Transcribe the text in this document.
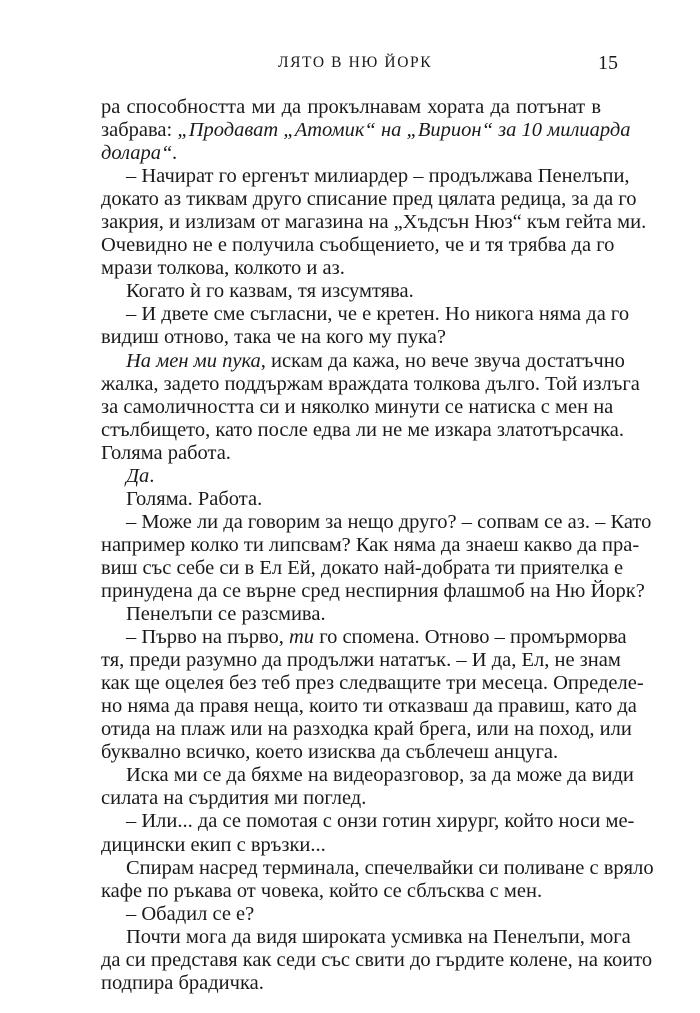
ЛЯТО В НЮ ЙОРК	15
ра способността ми да прокълнавам хората да потънат в
забрава: „Продават „Атомик“ на „Вирион“ за 10 милиарда
долара“.
– Начират го ергенът милиардер – продължава Пенелъпи,
докато аз тиквам друго списание пред цялата редица, за да го
закрия, и излизам от магазина на „Хъдсън Нюз“ към гейта ми.
Очевидно не е получила съобщението, че и тя трябва да го
мрази толкова, колкото и аз.
Когато ѝ го казвам, тя изсумтява.
– И двете сме съгласни, че е кретен. Но никога няма да го
видиш отново, така че на кого му пука?
На мен ми пука, искам да кажа, но вече звуча достатъчно
жалка, задето поддържам враждата толкова дълго. Той излъга
за самоличността си и няколко минути се натиска с мен на
стълбището, като после едва ли не ме изкара златотърсачка.
Голяма работа.
Да.
Голяма. Работа.
– Може ли да говорим за нещо друго? – сопвам се аз. – Като
например колко ти липсвам? Как няма да знаеш какво да пра-
виш със себе си в Ел Ей, докато най-добрата ти приятелка е
принудена да се върне сред неспирния флашмоб на Ню Йорк?
Пенелъпи се разсмива.
– Първо на първо, ти го спомена. Отново – промърморва
тя, преди разумно да продължи нататък. – И да, Ел, не знам
как ще оцелея без теб през следващите три месеца. Определе-
но няма да правя неща, които ти отказваш да правиш, като да
отида на плаж или на разходка край брега, или на поход, или
буквално всичко, което изисква да съблечеш анцуга.
Иска ми се да бяхме на видеоразговор, за да може да види
силата на сърдития ми поглед.
– Или... да се помотая с онзи готин хирург, който носи ме-
дицински екип с връзки...
Спирам насред терминала, спечелвайки си поливане с вряло
кафе по ръкава от човека, който се сблъсква с мен.
– Обадил се е?
Почти мога да видя широката усмивка на Пенелъпи, мога
да си представя как седи със свити до гърдите колене, на които
подпира брадичка.
